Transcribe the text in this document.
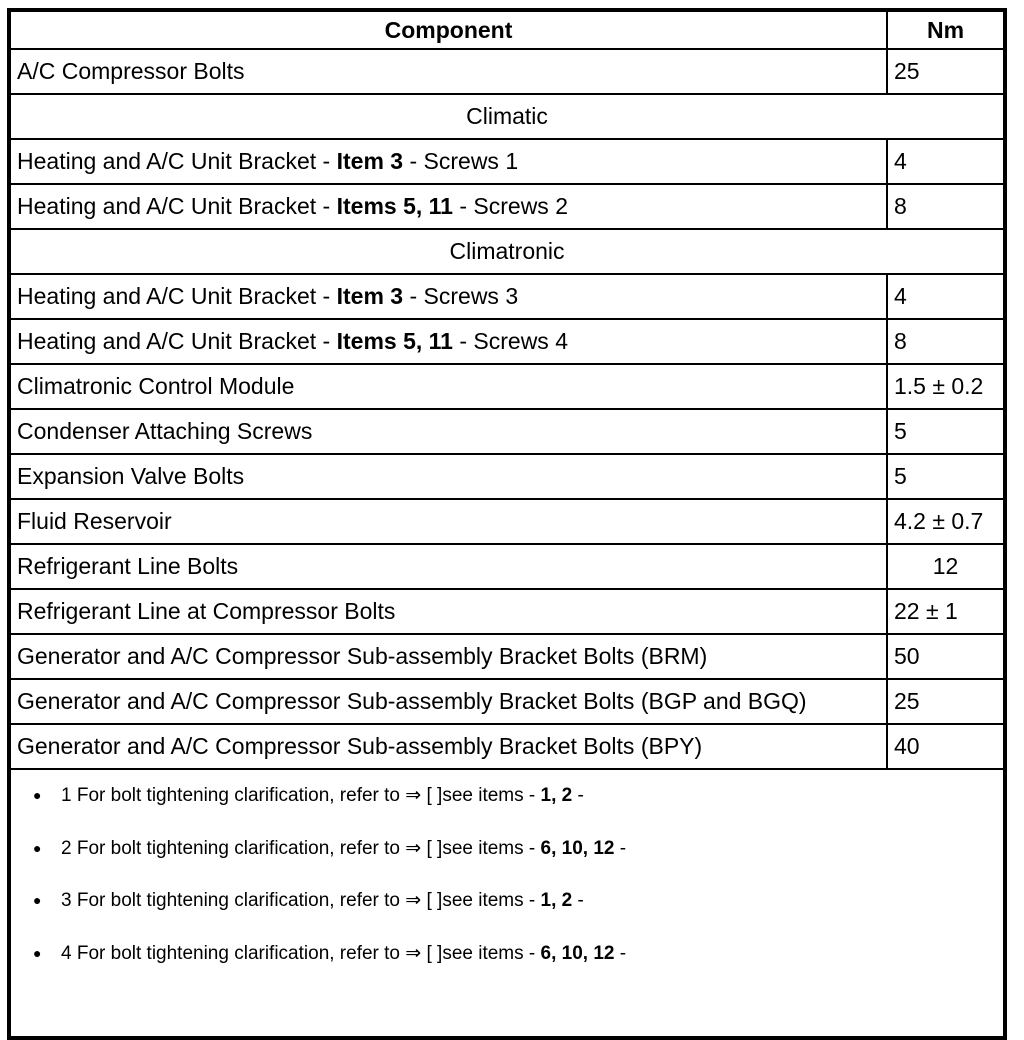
Component	Nm
A/C Compressor Bolts	25
Climatic	
Heating and A/C Unit Bracket - Item 3 - Screws 1	4
Heating and A/C Unit Bracket - Items 5, 11 - Screws 2	8
Climatronic	
Heating and A/C Unit Bracket - Item 3 - Screws 3	4
Heating and A/C Unit Bracket - Items 5, 11 - Screws 4	8
Climatronic Control Module	1.5 ± 0.2
Condenser Attaching Screws	5
Expansion Valve Bolts	5
Fluid Reservoir	4.2 ± 0.7
Refrigerant Line Bolts	12
Refrigerant Line at Compressor Bolts	22 ± 1
Generator and A/C Compressor Sub-assembly Bracket Bolts (BRM)	50
Generator and A/C Compressor Sub-assembly Bracket Bolts (BGP and BGQ)	25
Generator and A/C Compressor Sub-assembly Bracket Bolts (BPY)	40

●	1 For bolt tightening clarification, refer to ⇒ [ ]see items - 1, 2 -
●	2 For bolt tightening clarification, refer to ⇒ [ ]see items - 6, 10, 12 -
●	3 For bolt tightening clarification, refer to ⇒ [ ]see items - 1, 2 -
●	4 For bolt tightening clarification, refer to ⇒ [ ]see items - 6, 10, 12 -
